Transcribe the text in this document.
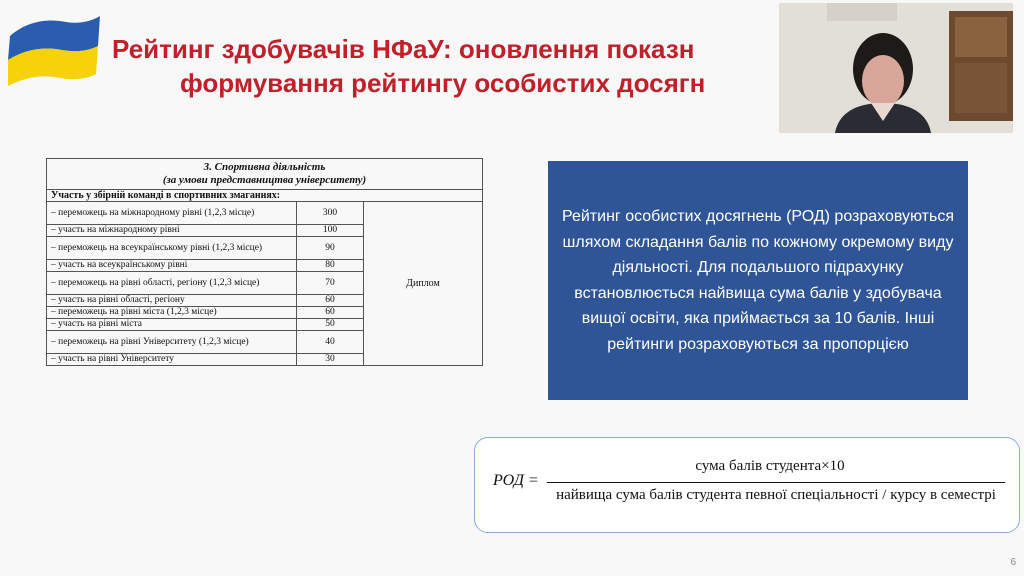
Рейтинг здобувачів НФаУ: оновлення показн
формування рейтингу особистих досягн
3. Спортивна діяльність
(за умови представництва університету)		

Участь у збірній команді в спортивних змаганнях:		
– переможець на міжнародному рівні (1,2,3 місце)	300	Диплом
– участь на міжнародному рівні	100	
– переможець на всеукраїнському рівні (1,2,3 місце)	90	
– участь на всеукраїнському рівні	80	
– переможець на рівні області, регіону (1,2,3 місце)	70	
– участь на рівні області, регіону	60	
– переможець на рівні міста (1,2,3 місце)	60	
– участь на рівні міста	50	
– переможець на рівні Університету (1,2,3 місце)	40	
– участь на рівні Університету	30	
Рейтинг особистих досягнень (РОД) розраховуються шляхом складання балів по кожному окремому виду діяльності. Для подальшого підрахунку встановлюється найвища сума балів у здобувача вищої освіти, яка приймається за 10 балів. Інші рейтинги розраховуються за пропорцією
РОД =
сума балів студента×10
найвища сума балів студента певної спеціальності / курсу в семестрі
6
